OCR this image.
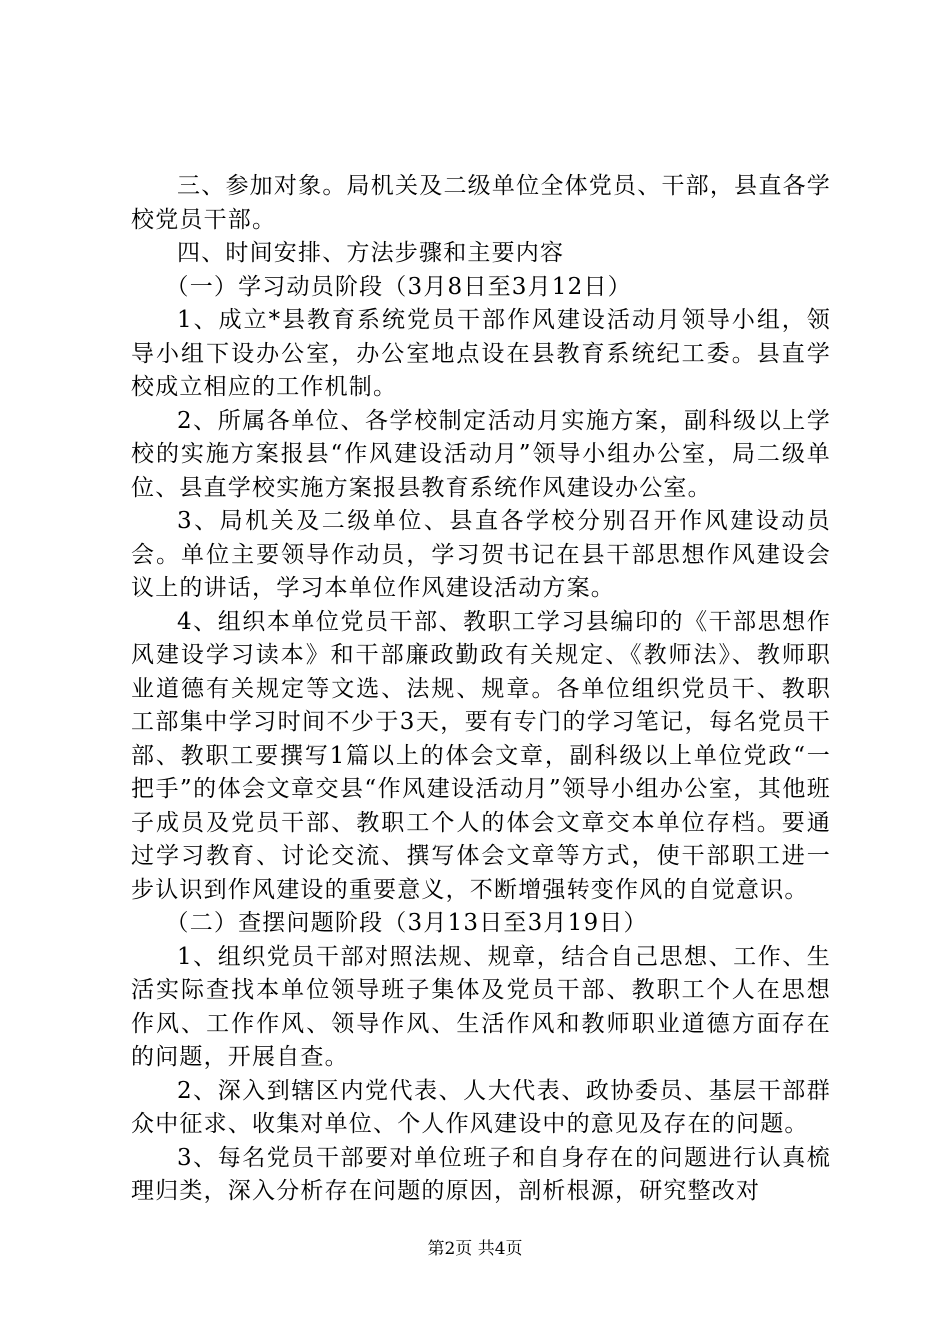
三、参加对象。局机关及二级单位全体党员、干部，县直各学校党员干部。

四、时间安排、方法步骤和主要内容

（一）学习动员阶段（3月8日至3月12日）

1、成立*县教育系统党员干部作风建设活动月领导小组，领导小组下设办公室，办公室地点设在县教育系统纪工委。县直学校成立相应的工作机制。

2、所属各单位、各学校制定活动月实施方案，副科级以上学校的实施方案报县“作风建设活动月”领导小组办公室，局二级单位、县直学校实施方案报县教育系统作风建设办公室。

3、局机关及二级单位、县直各学校分别召开作风建设动员会。单位主要领导作动员，学习贺书记在县干部思想作风建设会议上的讲话，学习本单位作风建设活动方案。

4、组织本单位党员干部、教职工学习县编印的《干部思想作风建设学习读本》和干部廉政勤政有关规定、《教师法》、教师职业道德有关规定等文选、法规、规章。各单位组织党员干、教职工部集中学习时间不少于3天，要有专门的学习笔记，每名党员干部、教职工要撰写1篇以上的体会文章，副科级以上单位党政“一把手”的体会文章交县“作风建设活动月”领导小组办公室，其他班子成员及党员干部、教职工个人的体会文章交本单位存档。要通过学习教育、讨论交流、撰写体会文章等方式，使干部职工进一步认识到作风建设的重要意义，不断增强转变作风的自觉意识。

（二）查摆问题阶段（3月13日至3月19日）

1、组织党员干部对照法规、规章，结合自己思想、工作、生活实际查找本单位领导班子集体及党员干部、教职工个人在思想作风、工作作风、领导作风、生活作风和教师职业道德方面存在的问题，开展自查。

2、深入到辖区内党代表、人大代表、政协委员、基层干部群众中征求、收集对单位、个人作风建设中的意见及存在的问题。

3、每名党员干部要对单位班子和自身存在的问题进行认真梳理归类，深入分析存在问题的原因，剖析根源，研究整改对

第2页 共4页
